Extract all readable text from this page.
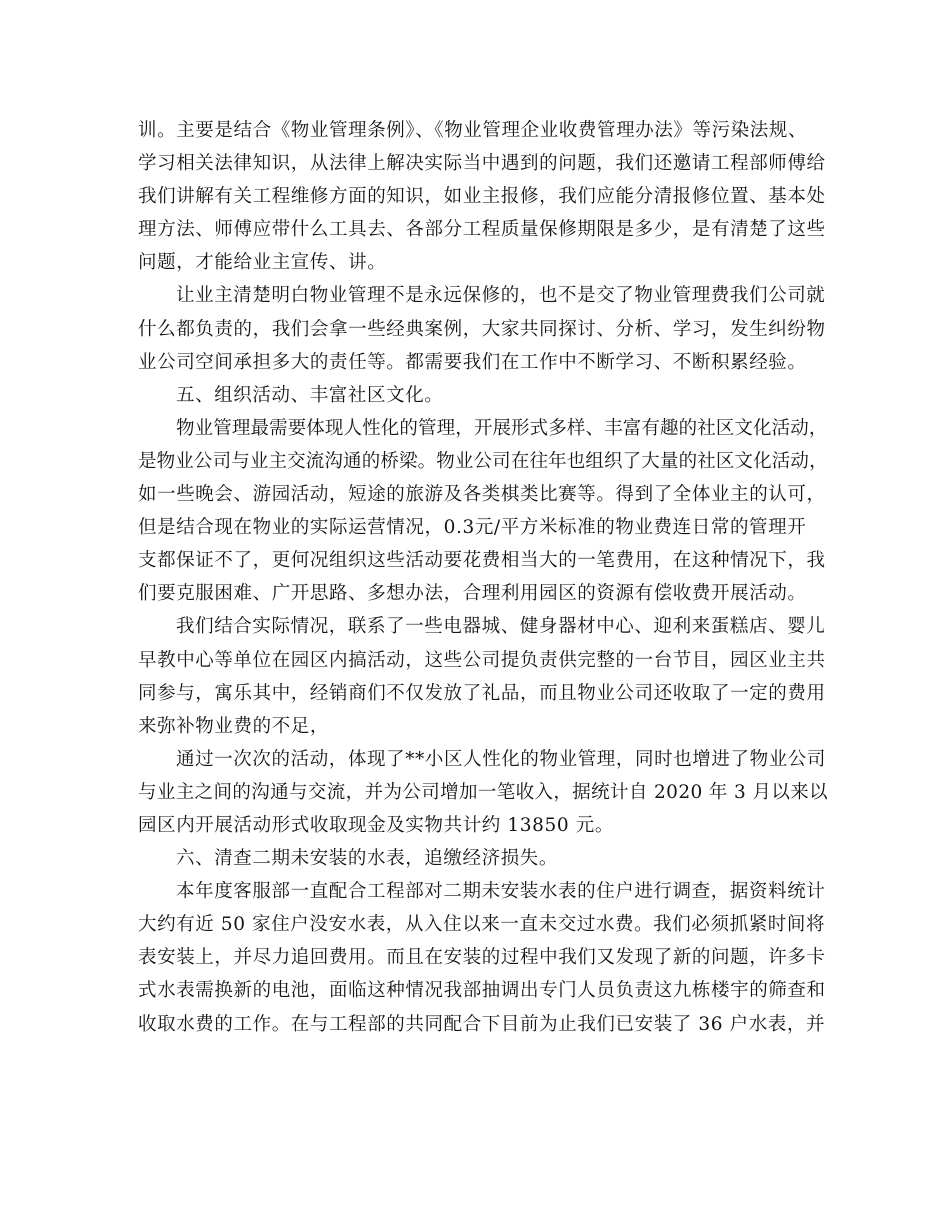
训。主要是结合《物业管理条例》、《物业管理企业收费管理办法》等污染法规、
学习相关法律知识，从法律上解决实际当中遇到的问题，我们还邀请工程部师傅给
我们讲解有关工程维修方面的知识，如业主报修，我们应能分清报修位置、基本处
理方法、师傅应带什么工具去、各部分工程质量保修期限是多少，是有清楚了这些
问题，才能给业主宣传、讲。
让业主清楚明白物业管理不是永远保修的，也不是交了物业管理费我们公司就
什么都负责的，我们会拿一些经典案例，大家共同探讨、分析、学习，发生纠纷物
业公司空间承担多大的责任等。都需要我们在工作中不断学习、不断积累经验。
五、组织活动、丰富社区文化。
物业管理最需要体现人性化的管理，开展形式多样、丰富有趣的社区文化活动，
是物业公司与业主交流沟通的桥梁。物业公司在往年也组织了大量的社区文化活动，
如一些晚会、游园活动，短途的旅游及各类棋类比赛等。得到了全体业主的认可，
但是结合现在物业的实际运营情况，0.3元/平方米标准的物业费连日常的管理开
支都保证不了，更何况组织这些活动要花费相当大的一笔费用，在这种情况下，我
们要克服困难、广开思路、多想办法，合理利用园区的资源有偿收费开展活动。
我们结合实际情况，联系了一些电器城、健身器材中心、迎利来蛋糕店、婴儿
早教中心等单位在园区内搞活动，这些公司提负责供完整的一台节目，园区业主共
同参与，寓乐其中，经销商们不仅发放了礼品，而且物业公司还收取了一定的费用
来弥补物业费的不足，
通过一次次的活动，体现了**小区人性化的物业管理，同时也增进了物业公司
与业主之间的沟通与交流，并为公司增加一笔收入，据统计自 2020 年 3 月以来以
园区内开展活动形式收取现金及实物共计约 13850 元。
六、清查二期未安装的水表，追缴经济损失。
本年度客服部一直配合工程部对二期未安装水表的住户进行调查，据资料统计
大约有近 50 家住户没安水表，从入住以来一直未交过水费。我们必须抓紧时间将
表安装上，并尽力追回费用。而且在安装的过程中我们又发现了新的问题，许多卡
式水表需换新的电池，面临这种情况我部抽调出专门人员负责这九栋楼宇的筛查和
收取水费的工作。在与工程部的共同配合下目前为止我们已安装了 36 户水表，并
